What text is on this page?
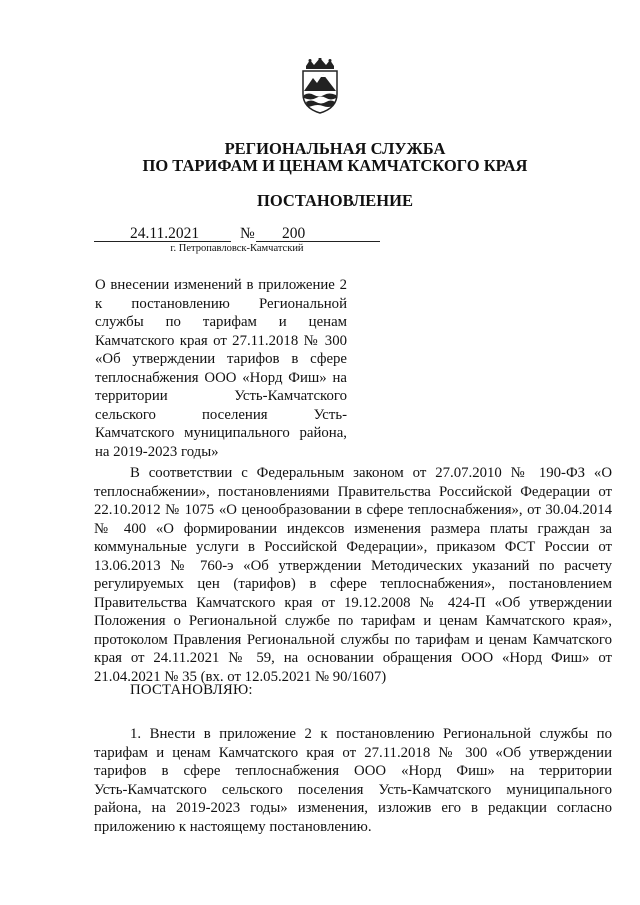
РЕГИОНАЛЬНАЯ СЛУЖБА
ПО ТАРИФАМ И ЦЕНАМ КАМЧАТСКОГО КРАЯ
ПОСТАНОВЛЕНИЕ
24.11.2021	№ 200
г. Петропавловск-Камчатский
О внесении изменений в приложение 2
к постановлению Региональной
службы по тарифам и ценам
Камчатского края от 27.11.2018 № 300
«Об утверждении тарифов в сфере
теплоснабжения ООО «Норд Фиш» на
территории Усть-Камчатского
сельского поселения Усть-
Камчатского муниципального района,
на 2019-2023 годы»
В соответствии с Федеральным законом от 27.07.2010 № 190-ФЗ «О
теплоснабжении», постановлениями Правительства Российской Федерации от
22.10.2012 № 1075 «О ценообразовании в сфере теплоснабжения», от 30.04.2014
№ 400 «О формировании индексов изменения размера платы граждан за
коммунальные услуги в Российской Федерации», приказом ФСТ России от
13.06.2013 № 760-э «Об утверждении Методических указаний по расчету
регулируемых цен (тарифов) в сфере теплоснабжения», постановлением
Правительства Камчатского края от 19.12.2008 № 424-П «Об утверждении
Положения о Региональной службе по тарифам и ценам Камчатского края»,
протоколом Правления Региональной службы по тарифам и ценам Камчатского
края от 24.11.2021 № 59, на основании обращения ООО «Норд Фиш» от
21.04.2021 № 35 (вх. от 12.05.2021 № 90/1607)
ПОСТАНОВЛЯЮ:
1. Внести в приложение 2 к постановлению Региональной службы по
тарифам и ценам Камчатского края от 27.11.2018 № 300 «Об утверждении
тарифов в сфере теплоснабжения ООО «Норд Фиш» на территории
Усть-Камчатского сельского поселения Усть-Камчатского муниципального
района, на 2019-2023 годы» изменения, изложив его в редакции согласно
приложению к настоящему постановлению.
